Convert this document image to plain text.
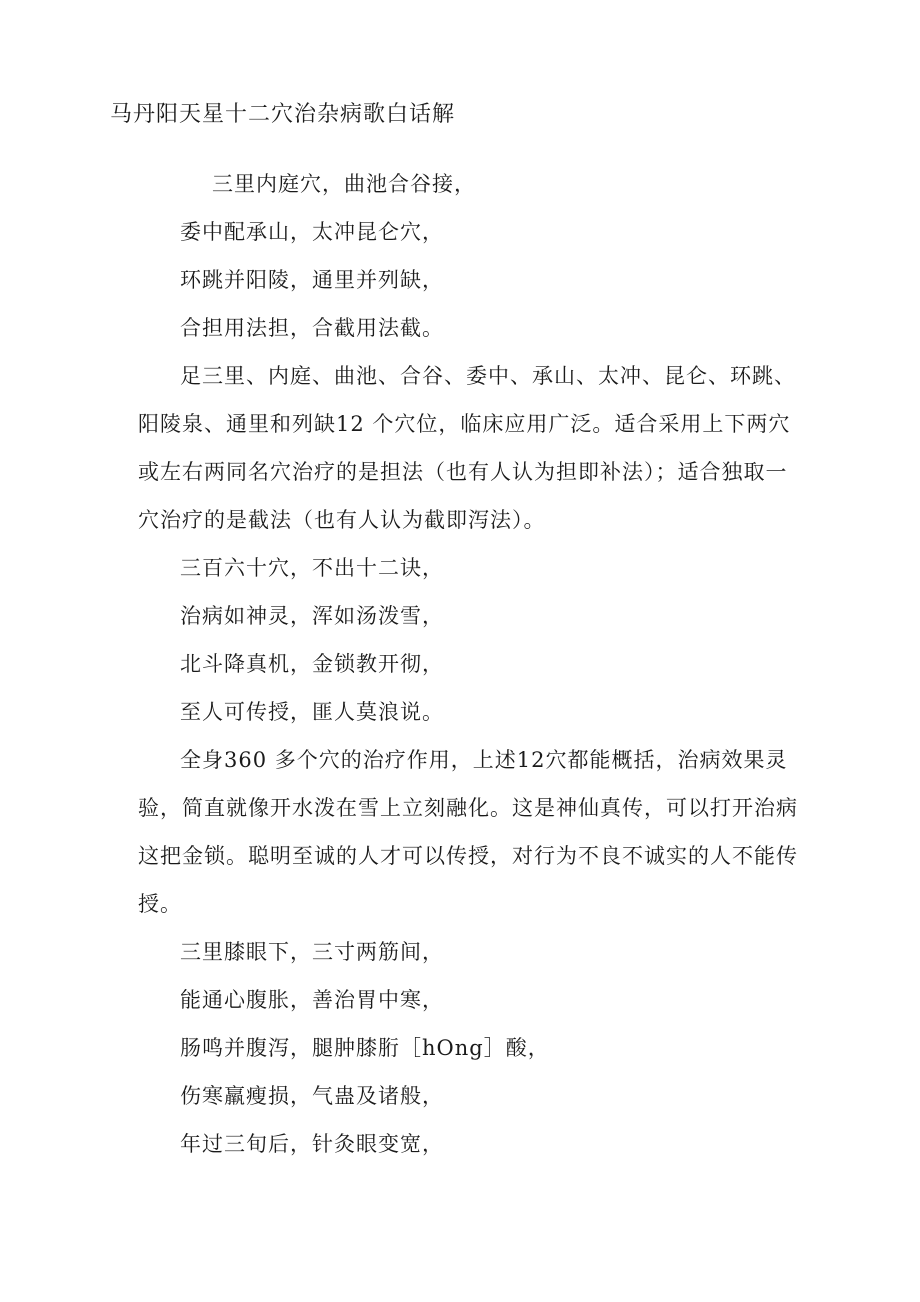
马丹阳天星十二穴治杂病歌白话解
三里内庭穴，曲池合谷接，
委中配承山，太冲昆仑穴，
环跳并阳陵，通里并列缺，
合担用法担，合截用法截。
足三里、内庭、曲池、合谷、委中、承山、太冲、昆仑、环跳、
阳陵泉、通里和列缺12 个穴位，临床应用广泛。适合采用上下两穴
或左右两同名穴治疗的是担法（也有人认为担即补法）；适合独取一
穴治疗的是截法（也有人认为截即泻法）。
三百六十穴，不出十二诀，
治病如神灵，浑如汤泼雪，
北斗降真机，金锁教开彻，
至人可传授，匪人莫浪说。
全身360 多个穴的治疗作用，上述12穴都能概括，治病效果灵
验，简直就像开水泼在雪上立刻融化。这是神仙真传，可以打开治病
这把金锁。聪明至诚的人才可以传授，对行为不良不诚实的人不能传
授。
三里膝眼下，三寸两筋间，
能通心腹胀，善治胃中寒，
肠鸣并腹泻，腿肿膝胻［hOng］酸，
伤寒羸瘦损，气蛊及诸般，
年过三旬后，针灸眼变宽，
